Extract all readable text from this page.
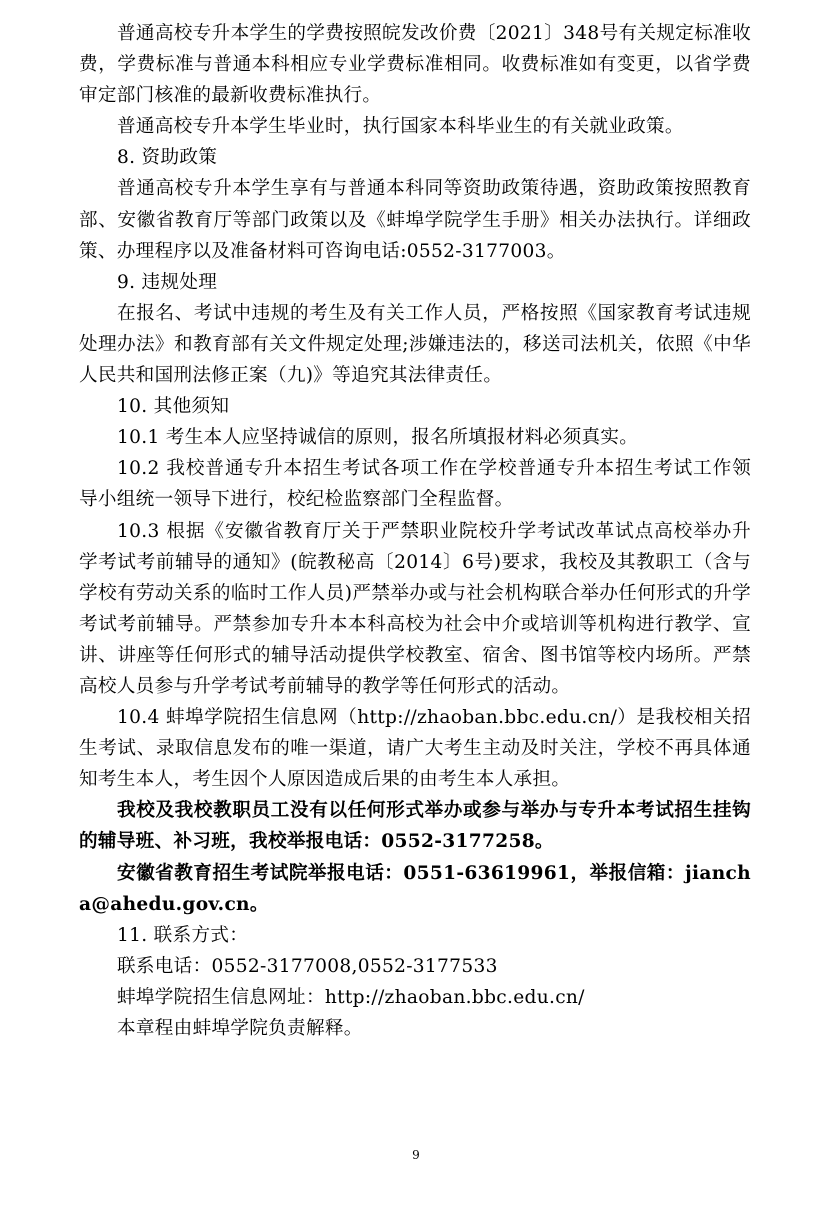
普通高校专升本学生的学费按照皖发改价费〔2021〕348号有关规定标准收费，学费标准与普通本科相应专业学费标准相同。收费标准如有变更，以省学费审定部门核准的最新收费标准执行。

普通高校专升本学生毕业时，执行国家本科毕业生的有关就业政策。

8. 资助政策

普通高校专升本学生享有与普通本科同等资助政策待遇，资助政策按照教育部、安徽省教育厅等部门政策以及《蚌埠学院学生手册》相关办法执行。详细政策、办理程序以及准备材料可咨询电话:0552-3177003。

9. 违规处理

在报名、考试中违规的考生及有关工作人员，严格按照《国家教育考试违规处理办法》和教育部有关文件规定处理;涉嫌违法的，移送司法机关，依照《中华人民共和国刑法修正案（九)》等追究其法律责任。

10. 其他须知

10.1 考生本人应坚持诚信的原则，报名所填报材料必须真实。

10.2 我校普通专升本招生考试各项工作在学校普通专升本招生考试工作领导小组统一领导下进行，校纪检监察部门全程监督。

10.3 根据《安徽省教育厅关于严禁职业院校升学考试改革试点高校举办升学考试考前辅导的通知》(皖教秘高〔2014〕6号)要求，我校及其教职工（含与学校有劳动关系的临时工作人员)严禁举办或与社会机构联合举办任何形式的升学考试考前辅导。严禁参加专升本本科高校为社会中介或培训等机构进行教学、宣讲、讲座等任何形式的辅导活动提供学校教室、宿舍、图书馆等校内场所。严禁高校人员参与升学考试考前辅导的教学等任何形式的活动。

10.4 蚌埠学院招生信息网（http://zhaoban.bbc.edu.cn/）是我校相关招生考试、录取信息发布的唯一渠道，请广大考生主动及时关注，学校不再具体通知考生本人，考生因个人原因造成后果的由考生本人承担。

我校及我校教职员工没有以任何形式举办或参与举办与专升本考试招生挂钩的辅导班、补习班，我校举报电话：0552-3177258。

安徽省教育招生考试院举报电话：0551-63619961，举报信箱：jiancha@ahedu.gov.cn。

11. 联系方式：

联系电话：0552-3177008,0552-3177533

蚌埠学院招生信息网址：http://zhaoban.bbc.edu.cn/

本章程由蚌埠学院负责解释。

9
